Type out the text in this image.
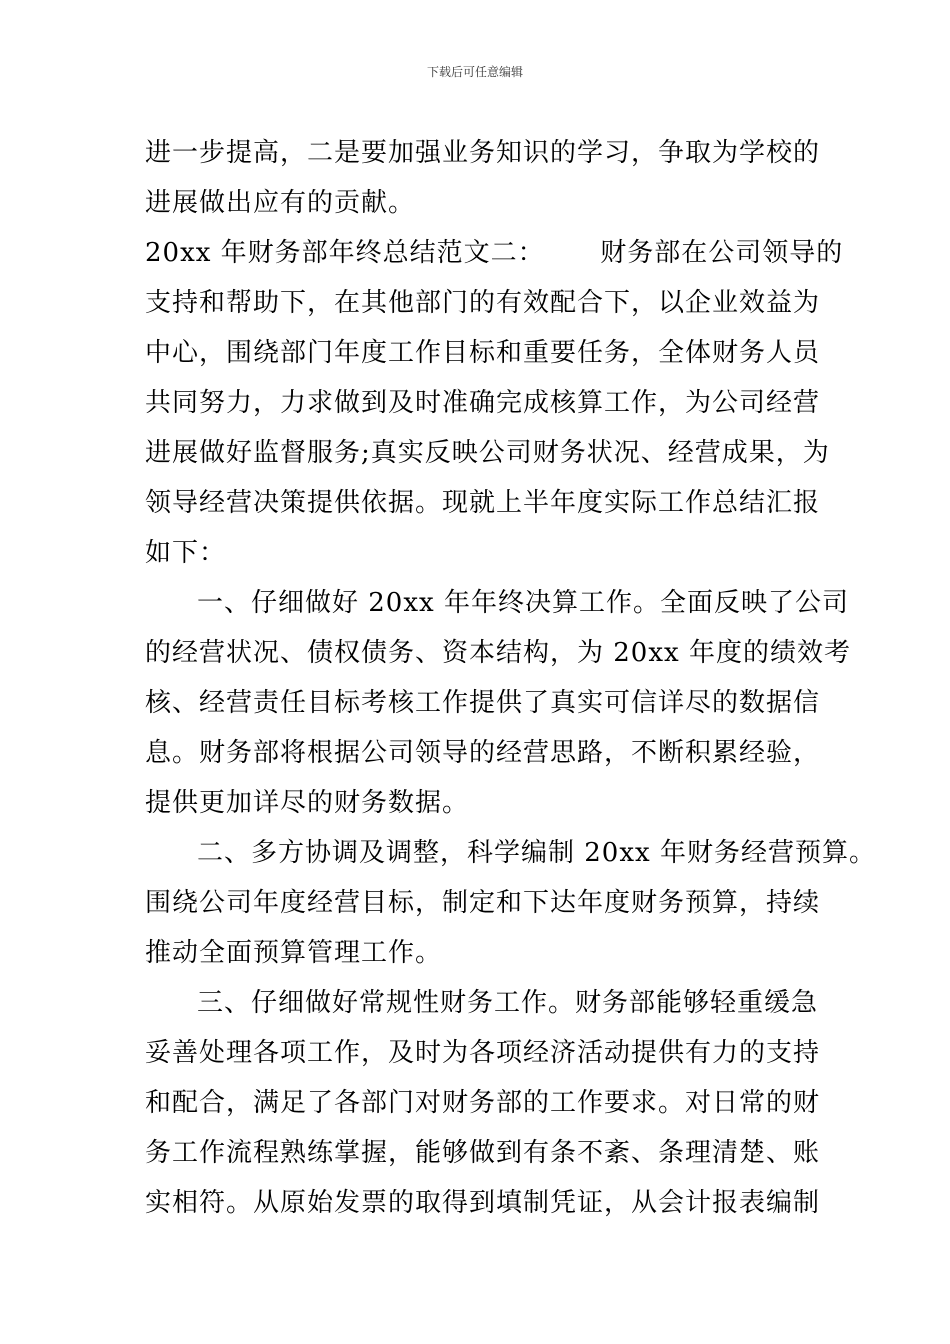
下载后可任意编辑
进一步提高，二是要加强业务知识的学习，争取为学校的
进展做出应有的贡献。
20xx 年财务部年终总结范文二：      财务部在公司领导的
支持和帮助下，在其他部门的有效配合下，以企业效益为
中心，围绕部门年度工作目标和重要任务，全体财务人员
共同努力，力求做到及时准确完成核算工作，为公司经营
进展做好监督服务;真实反映公司财务状况、经营成果，为
领导经营决策提供依据。现就上半年度实际工作总结汇报
如下：
一、仔细做好 20xx 年年终决算工作。全面反映了公司
的经营状况、债权债务、资本结构，为 20xx 年度的绩效考
核、经营责任目标考核工作提供了真实可信详尽的数据信
息。财务部将根据公司领导的经营思路，不断积累经验，
提供更加详尽的财务数据。
二、多方协调及调整，科学编制 20xx 年财务经营预算。
围绕公司年度经营目标，制定和下达年度财务预算，持续
推动全面预算管理工作。
三、仔细做好常规性财务工作。财务部能够轻重缓急
妥善处理各项工作，及时为各项经济活动提供有力的支持
和配合，满足了各部门对财务部的工作要求。对日常的财
务工作流程熟练掌握，能够做到有条不紊、条理清楚、账
实相符。从原始发票的取得到填制凭证，从会计报表编制
